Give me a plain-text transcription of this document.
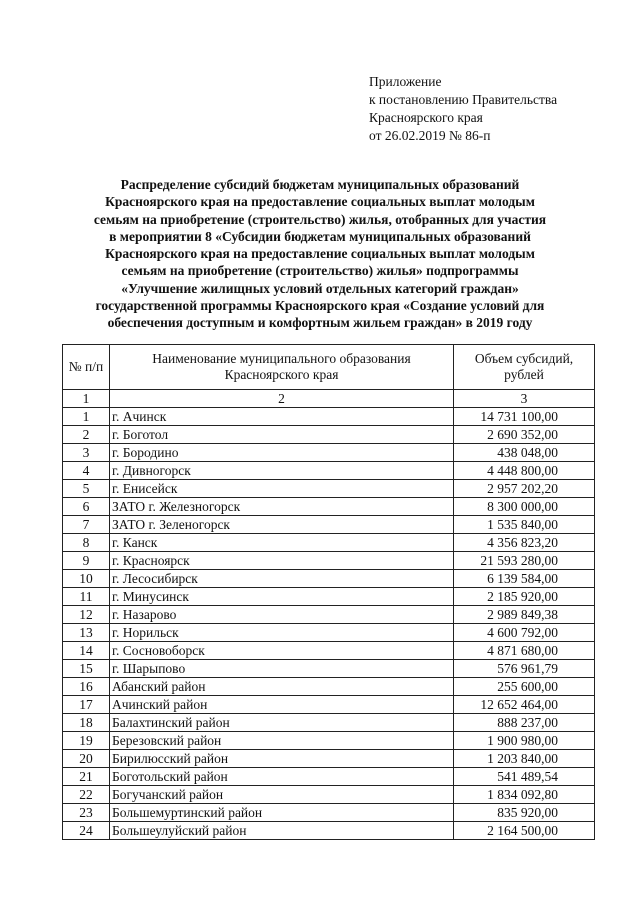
Приложение
к постановлению Правительства
Красноярского края
от 26.02.2019 № 86-п
Распределение субсидий бюджетам муниципальных образований
Красноярского края на предоставление социальных выплат молодым
семьям на приобретение (строительство) жилья, отобранных для участия
в мероприятии 8 «Субсидии бюджетам муниципальных образований
Красноярского края на предоставление социальных выплат молодым
семьям на приобретение (строительство) жилья» подпрограммы
«Улучшение жилищных условий отдельных категорий граждан»
государственной программы Красноярского края «Создание условий для
обеспечения доступным и комфортным жильем граждан» в 2019 году
№ п/п	Наименование муниципального образования Красноярского края	Объем субсидий, рублей
1	2	3
1	г. Ачинск	14 731 100,00
2	г. Боготол	2 690 352,00
3	г. Бородино	438 048,00
4	г. Дивногорск	4 448 800,00
5	г. Енисейск	2 957 202,20
6	ЗАТО г. Железногорск	8 300 000,00
7	ЗАТО г. Зеленогорск	1 535 840,00
8	г. Канск	4 356 823,20
9	г. Красноярск	21 593 280,00
10	г. Лесосибирск	6 139 584,00
11	г. Минусинск	2 185 920,00
12	г. Назарово	2 989 849,38
13	г. Норильск	4 600 792,00
14	г. Сосновоборск	4 871 680,00
15	г. Шарыпово	576 961,79
16	Абанский район	255 600,00
17	Ачинский район	12 652 464,00
18	Балахтинский район	888 237,00
19	Березовский район	1 900 980,00
20	Бирилюсский район	1 203 840,00
21	Боготольский район	541 489,54
22	Богучанский район	1 834 092,80
23	Большемуртинский район	835 920,00
24	Большеулуйский район	2 164 500,00
